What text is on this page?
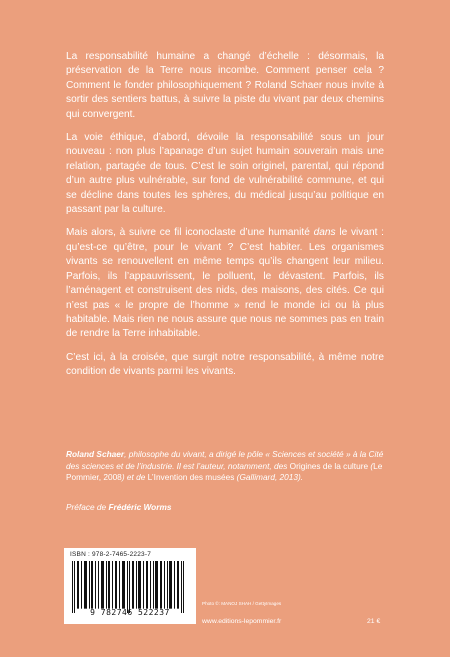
La responsabilité humaine a changé d’échelle : désormais, la préservation de la Terre nous incombe. Comment penser cela ? Comment le fonder philosophiquement ? Roland Schaer nous invite à sortir des sentiers battus, à suivre la piste du vivant par deux chemins qui convergent.

La voie éthique, d’abord, dévoile la responsabilité sous un jour nouveau : non plus l’apanage d’un sujet humain souverain mais une relation, partagée de tous. C’est le soin originel, parental, qui répond d’un autre plus vulnérable, sur fond de vulnérabilité commune, et qui se décline dans toutes les sphères, du médical jusqu’au politique en passant par la culture.

Mais alors, à suivre ce fil iconoclaste d’une humanité dans le vivant : qu’est-ce qu’être, pour le vivant ? C’est habiter. Les organismes vivants se renouvellent en même temps qu’ils changent leur milieu. Parfois, ils l’appauvrissent, le polluent, le dévastent. Parfois, ils l’aménagent et construisent des nids, des maisons, des cités. Ce qui n’est pas « le propre de l’homme » rend le monde ici ou là plus habitable. Mais rien ne nous assure que nous ne sommes pas en train de rendre la Terre inhabitable.

C’est ici, à la croisée, que surgit notre responsabilité, à même notre condition de vivants parmi les vivants.

Roland Schaer, philosophe du vivant, a dirigé le pôle « Sciences et société » à la Cité des sciences et de l’industrie. Il est l’auteur, notamment, des Origines de la culture (Le Pommier, 2008) et de L’Invention des musées (Gallimard, 2013).
Préface de Frédéric Worms
ISBN : 978-2-7465-2223-7
9 782746 522237
Photo ©: MANOJ SHAH / GettyImages
www.editions-lepommier.fr	21 €
